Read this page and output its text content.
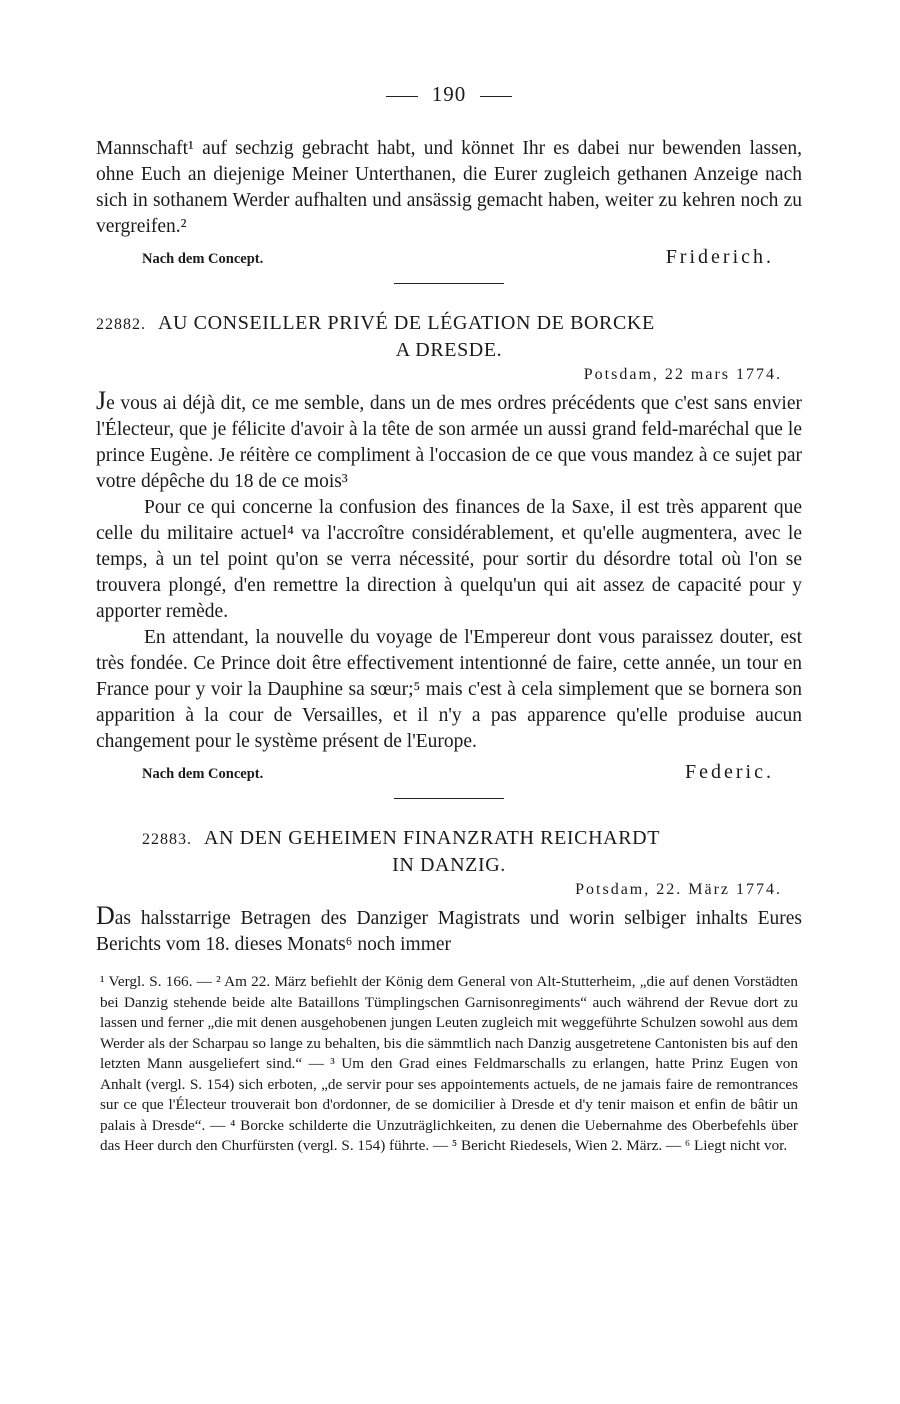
190

Mannschaft¹ auf sechzig gebracht habt, und könnet Ihr es dabei nur bewenden lassen, ohne Euch an diejenige Meiner Unterthanen, die Eurer zugleich gethanen Anzeige nach sich in sothanem Werder aufhalten und ansässig gemacht haben, weiter zu kehren noch zu vergreifen.²

Nach dem Concept.	Friderich.

22882. AU CONSEILLER PRIVÉ DE LÉGATION DE BORCKE

A DRESDE.

Potsdam, 22 mars 1774.

Je vous ai déjà dit, ce me semble, dans un de mes ordres précédents que c'est sans envier l'Électeur, que je félicite d'avoir à la tête de son armée un aussi grand feld-maréchal que le prince Eugène. Je réitère ce compliment à l'occasion de ce que vous mandez à ce sujet par votre dépêche du 18 de ce mois³

Pour ce qui concerne la confusion des finances de la Saxe, il est très apparent que celle du militaire actuel⁴ va l'accroître considérablement, et qu'elle augmentera, avec le temps, à un tel point qu'on se verra nécessité, pour sortir du désordre total où l'on se trouvera plongé, d'en remettre la direction à quelqu'un qui ait assez de capacité pour y apporter remède.

En attendant, la nouvelle du voyage de l'Empereur dont vous paraissez douter, est très fondée. Ce Prince doit être effectivement intentionné de faire, cette année, un tour en France pour y voir la Dauphine sa sœur;⁵ mais c'est à cela simplement que se bornera son apparition à la cour de Versailles, et il n'y a pas apparence qu'elle produise aucun changement pour le système présent de l'Europe.

Nach dem Concept.	Federic.

22883. AN DEN GEHEIMEN FINANZRATH REICHARDT

IN DANZIG.

Potsdam, 22. März 1774.

Das halsstarrige Betragen des Danziger Magistrats und worin selbiger inhalts Eures Berichts vom 18. dieses Monats⁶ noch immer

¹ Vergl. S. 166. — ² Am 22. März befiehlt der König dem General von Alt-Stutterheim, „die auf denen Vorstädten bei Danzig stehende beide alte Bataillons Tümplingschen Garnisonregiments“ auch während der Revue dort zu lassen und ferner „die mit denen ausgehobenen jungen Leuten zugleich mit weggeführte Schulzen sowohl aus dem Werder als der Scharpau so lange zu behalten, bis die sämmtlich nach Danzig ausgetretene Cantonisten bis auf den letzten Mann ausgeliefert sind.“ — ³ Um den Grad eines Feldmarschalls zu erlangen, hatte Prinz Eugen von Anhalt (vergl. S. 154) sich erboten, „de servir pour ses appointements actuels, de ne jamais faire de remontrances sur ce que l'Électeur trouverait bon d'ordonner, de se domicilier à Dresde et d'y tenir maison et enfin de bâtir un palais à Dresde“. — ⁴ Borcke schilderte die Unzuträglichkeiten, zu denen die Uebernahme des Oberbefehls über das Heer durch den Churfürsten (vergl. S. 154) führte. — ⁵ Bericht Riedesels, Wien 2. März. — ⁶ Liegt nicht vor.
